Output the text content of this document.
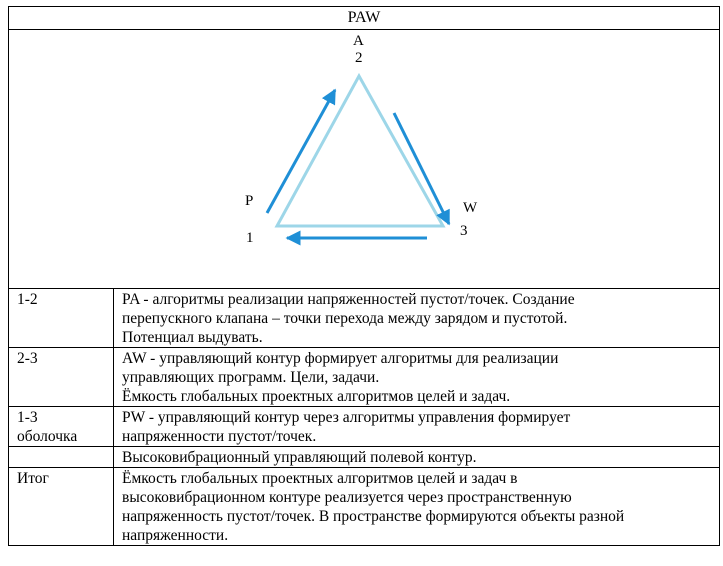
PAW
A
2
P
1
W
3
1-2	PA - алгоритмы реализации напряженностей пустот/точек. Создание
перепускного клапана – точки перехода между зарядом и пустотой.
Потенциал выдувать.

2-3	AW - управляющий контур формирует алгоритмы для реализации
управляющих программ. Цели, задачи.
Ёмкость глобальных проектных алгоритмов целей и задач.

1-3
оболочка	PW - управляющий контур через алгоритмы управления формирует
напряженности пустот/точек.

	Высоковибрационный управляющий полевой контур.

Итог	Ёмкость глобальных проектных алгоритмов целей и задач в
высоковибрационном контуре реализуется через пространственную
напряженность пустот/точек. В пространстве формируются объекты разной
напряженности.
